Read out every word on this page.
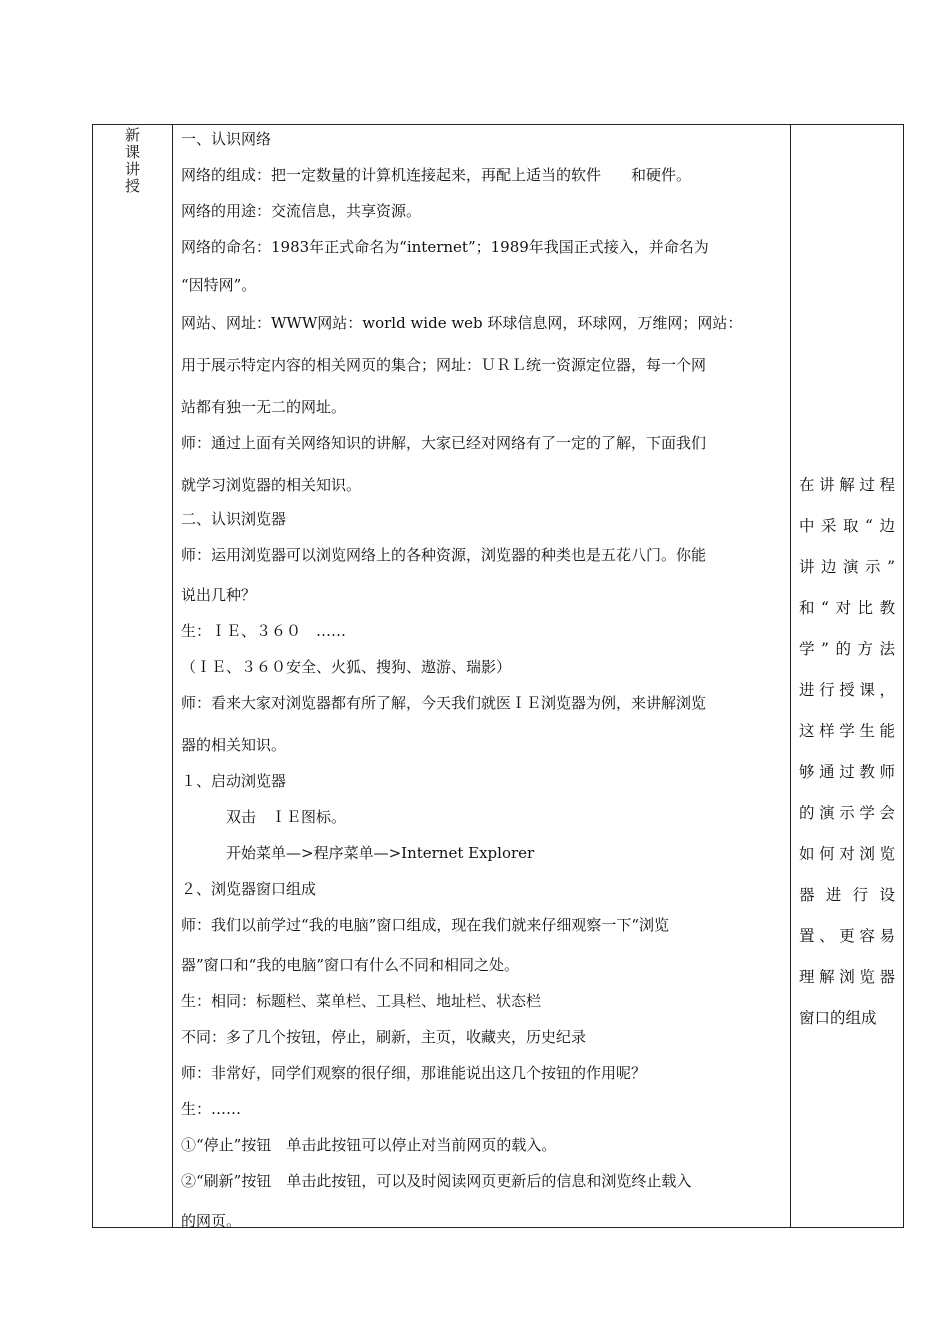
新
课
讲
授
一、认识网络
网络的组成：把一定数量的计算机连接起来，再配上适当的软件　　和硬件。
网络的用途：交流信息，共享资源。
网络的命名：1983年正式命名为“internet”；1989年我国正式接入，并命名为
“因特网”。
网站、网址：WWW网站：world wide web 环球信息网，环球网，万维网；网站：
用于展示特定内容的相关网页的集合；网址：ＵＲＬ统一资源定位器，每一个网
站都有独一无二的网址。
师：通过上面有关网络知识的讲解，大家已经对网络有了一定的了解，下面我们
就学习浏览器的相关知识。
二、认识浏览器
师：运用浏览器可以浏览网络上的各种资源，浏览器的种类也是五花八门。你能
说出几种？
生：ＩＥ、３６０　……
（ＩＥ、３６０安全、火狐、搜狗、遨游、瑞影）
师：看来大家对浏览器都有所了解，今天我们就医ＩＥ浏览器为例，来讲解浏览
器的相关知识。
１、启动浏览器
　　　双击　ＩＥ图标。
　　　开始菜单—>程序菜单—>Internet Explorer
２、浏览器窗口组成
师：我们以前学过“我的电脑”窗口组成，现在我们就来仔细观察一下“浏览
器”窗口和“我的电脑”窗口有什么不同和相同之处。
生：相同：标题栏、菜单栏、工具栏、地址栏、状态栏
不同：多了几个按钮，停止，刷新，主页，收藏夹，历史纪录
师：非常好，同学们观察的很仔细，那谁能说出这几个按钮的作用呢？
生：……
①“停止”按钮　单击此按钮可以停止对当前网页的载入。
②“刷新”按钮　单击此按钮，可以及时阅读网页更新后的信息和浏览终止载入
的网页。
在讲解过程
中采取“边
讲边演示”
和“对比教
学”的方法
进行授课，
这样学生能
够通过教师
的演示学会
如何对浏览
器进行设
置、更容易
理解浏览器
窗口的组成
